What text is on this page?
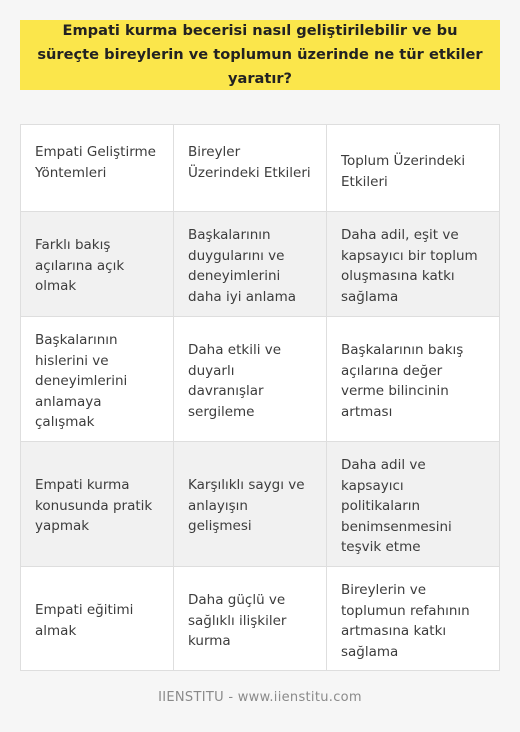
Empati kurma becerisi nasıl geliştirilebilir ve bu süreçte bireylerin ve toplumun üzerinde ne tür etkiler yaratır?
Empati Geliştirme Yöntemleri
Bireyler Üzerindeki Etkileri
Toplum Üzerindeki Etkileri
Farklı bakış açılarına açık olmak
Başkalarının duygularını ve deneyimlerini daha iyi anlama
Daha adil, eşit ve kapsayıcı bir toplum oluşmasına katkı sağlama
Başkalarının hislerini ve deneyimlerini anlamaya çalışmak
Daha etkili ve duyarlı davranışlar sergileme
Başkalarının bakış açılarına değer verme bilincinin artması
Empati kurma konusunda pratik yapmak
Karşılıklı saygı ve anlayışın gelişmesi
Daha adil ve kapsayıcı politikaların benimsenmesini teşvik etme
Empati eğitimi almak
Daha güçlü ve sağlıklı ilişkiler kurma
Bireylerin ve toplumun refahının artmasına katkı sağlama
IIENSTITU - www.iienstitu.com
